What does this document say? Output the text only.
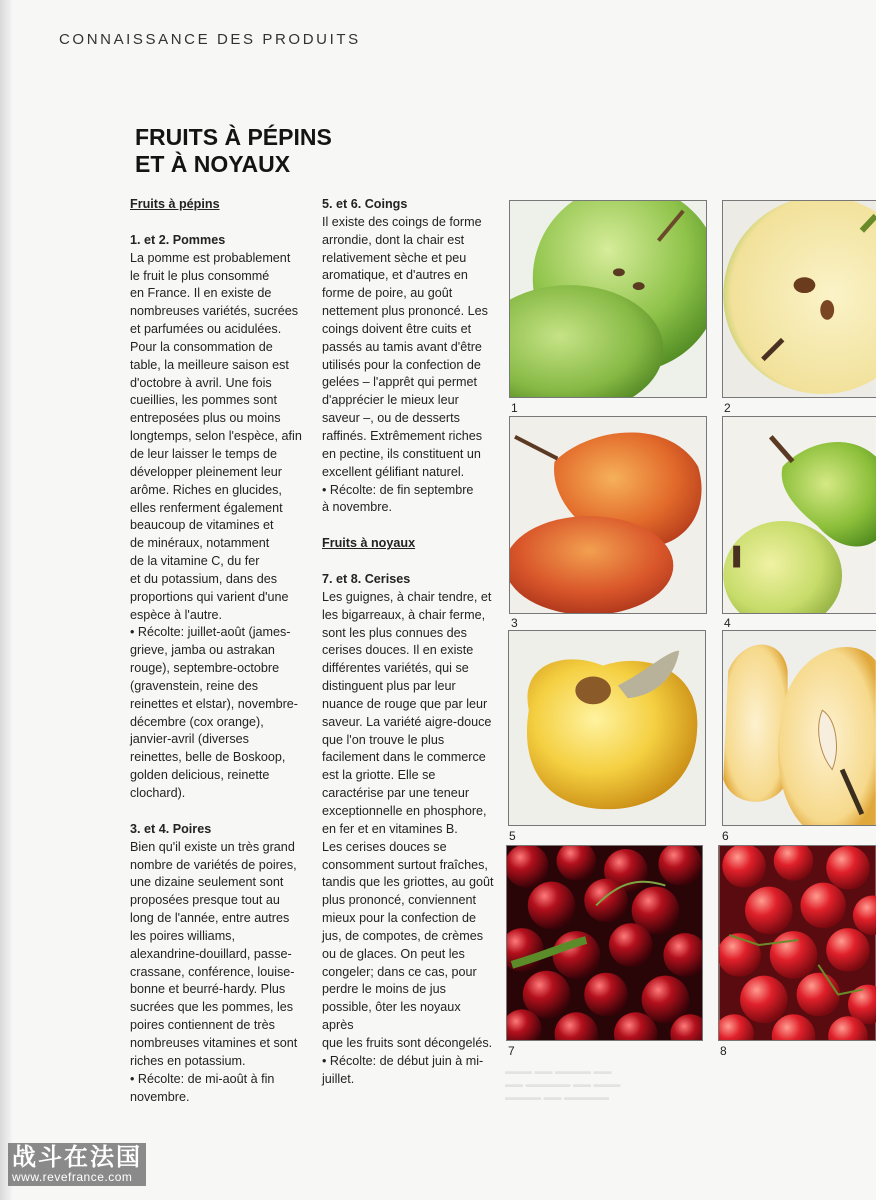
CONNAISSANCE DES PRODUITS
FRUITS À PÉPINS
ET À NOYAUX

Fruits à pépins

1. et 2. Pommes

La pomme est probablement
le fruit le plus consommé
en France. Il en existe de
nombreuses variétés, sucrées
et parfumées ou acidulées.
Pour la consommation de
table, la meilleure saison est
d'octobre à avril. Une fois
cueillies, les pommes sont
entreposées plus ou moins
longtemps, selon l'espèce, afin
de leur laisser le temps de
développer pleinement leur
arôme. Riches en glucides,
elles renferment également
beaucoup de vitamines et
de minéraux, notamment
de la vitamine C, du fer
et du potassium, dans des
proportions qui varient d'une
espèce à l'autre.

• Récolte: juillet-août (james-
grieve, jamba ou astrakan
rouge), septembre-octobre
(gravenstein, reine des
reinettes et elstar), novembre-
décembre (cox orange),
janvier-avril (diverses
reinettes, belle de Boskoop,
golden delicious, reinette
clochard).

3. et 4. Poires

Bien qu'il existe un très grand
nombre de variétés de poires,
une dizaine seulement sont
proposées presque tout au
long de l'année, entre autres
les poires williams,
alexandrine-douillard, passe-
crassane, conférence, louise-
bonne et beurré-hardy. Plus
sucrées que les pommes, les
poires contiennent de très
nombreuses vitamines et sont
riches en potassium.

• Récolte: de mi-août à fin
novembre.

5. et 6. Coings

Il existe des coings de forme
arrondie, dont la chair est
relativement sèche et peu
aromatique, et d'autres en
forme de poire, au goût
nettement plus prononcé. Les
coings doivent être cuits et
passés au tamis avant d'être
utilisés pour la confection de
gelées – l'apprêt qui permet
d'apprécier le mieux leur
saveur –, ou de desserts
raffinés. Extrêmement riches
en pectine, ils constituent un
excellent gélifiant naturel.

• Récolte: de fin septembre
à novembre.

Fruits à noyaux

7. et 8. Cerises

Les guignes, à chair tendre, et
les bigarreaux, à chair ferme,
sont les plus connues des
cerises douces. Il en existe
différentes variétés, qui se
distinguent plus par leur
nuance de rouge que par leur
saveur. La variété aigre-douce
que l'on trouve le plus
facilement dans le commerce
est la griotte. Elle se
caractérise par une teneur
exceptionnelle en phosphore,
en fer et en vitamines B.
Les cerises douces se
consomment surtout fraîches,
tandis que les griottes, au goût
plus prononcé, conviennent
mieux pour la confection de
jus, de compotes, de crèmes
ou de glaces. On peut les
congeler; dans ce cas, pour
perdre le moins de jus
possible, ôter les noyaux après
que les fruits sont décongelés.

• Récolte: de début juin à mi-
juillet.

▬▬▬ ▬▬ ▬▬▬▬ ▬▬
▬▬ ▬▬▬▬▬ ▬▬ ▬▬▬
▬▬▬▬ ▬▬ ▬▬▬▬▬
1	2
3	4
5	6
7	8
战斗在法国
www.revefrance.com
